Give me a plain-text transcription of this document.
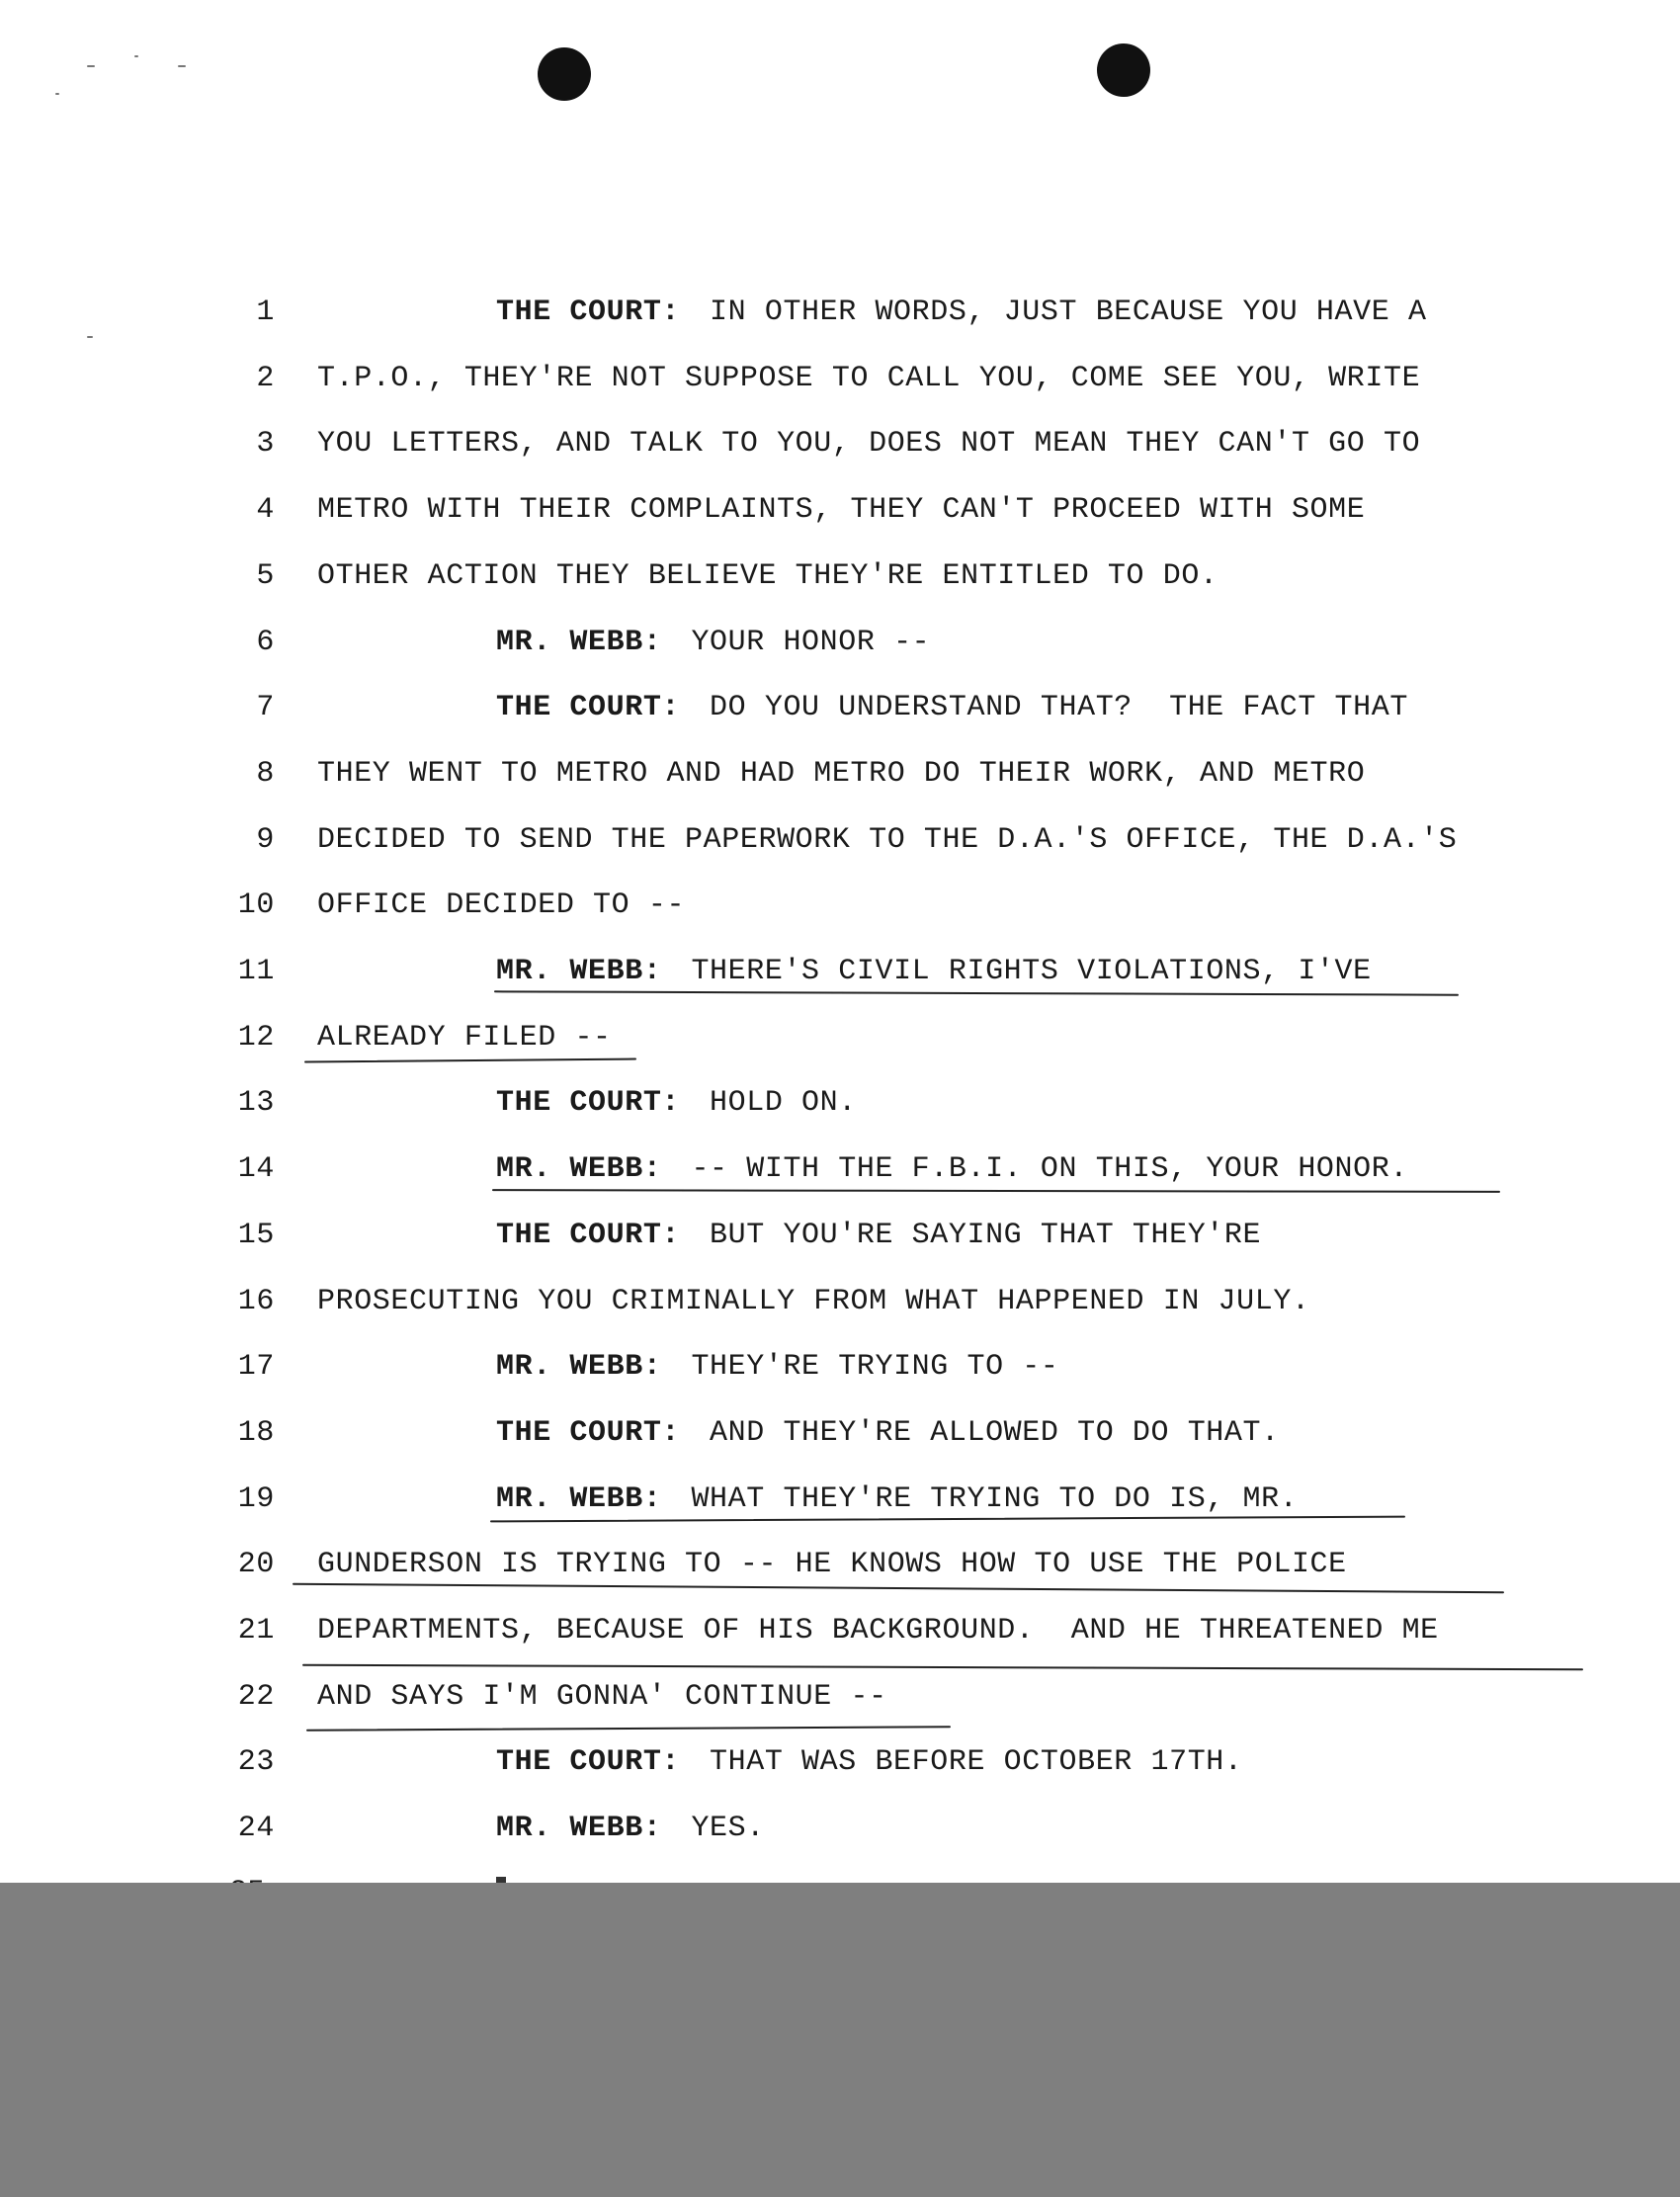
1	THE COURT: IN OTHER WORDS, JUST BECAUSE YOU HAVE A
2 T.P.O., THEY'RE NOT SUPPOSE TO CALL YOU, COME SEE YOU, WRITE
3 YOU LETTERS, AND TALK TO YOU, DOES NOT MEAN THEY CAN'T GO TO
4 METRO WITH THEIR COMPLAINTS, THEY CAN'T PROCEED WITH SOME
5 OTHER ACTION THEY BELIEVE THEY'RE ENTITLED TO DO.
6	MR. WEBB: YOUR HONOR --
7	THE COURT: DO YOU UNDERSTAND THAT?  THE FACT THAT
8 THEY WENT TO METRO AND HAD METRO DO THEIR WORK, AND METRO
9 DECIDED TO SEND THE PAPERWORK TO THE D.A.'S OFFICE, THE D.A.'S
10 OFFICE DECIDED TO --
11	MR. WEBB: THERE'S CIVIL RIGHTS VIOLATIONS, I'VE
12 ALREADY FILED --
13	THE COURT: HOLD ON.
14	MR. WEBB: -- WITH THE F.B.I. ON THIS, YOUR HONOR.
15	THE COURT: BUT YOU'RE SAYING THAT THEY'RE
16 PROSECUTING YOU CRIMINALLY FROM WHAT HAPPENED IN JULY.
17	MR. WEBB: THEY'RE TRYING TO --
18	THE COURT: AND THEY'RE ALLOWED TO DO THAT.
19	MR. WEBB: WHAT THEY'RE TRYING TO DO IS, MR.
20 GUNDERSON IS TRYING TO -- HE KNOWS HOW TO USE THE POLICE
21 DEPARTMENTS, BECAUSE OF HIS BACKGROUND.  AND HE THREATENED ME
22 AND SAYS I'M GONNA' CONTINUE --
23	THE COURT: THAT WAS BEFORE OCTOBER 17TH.
24	MR. WEBB: YES.
